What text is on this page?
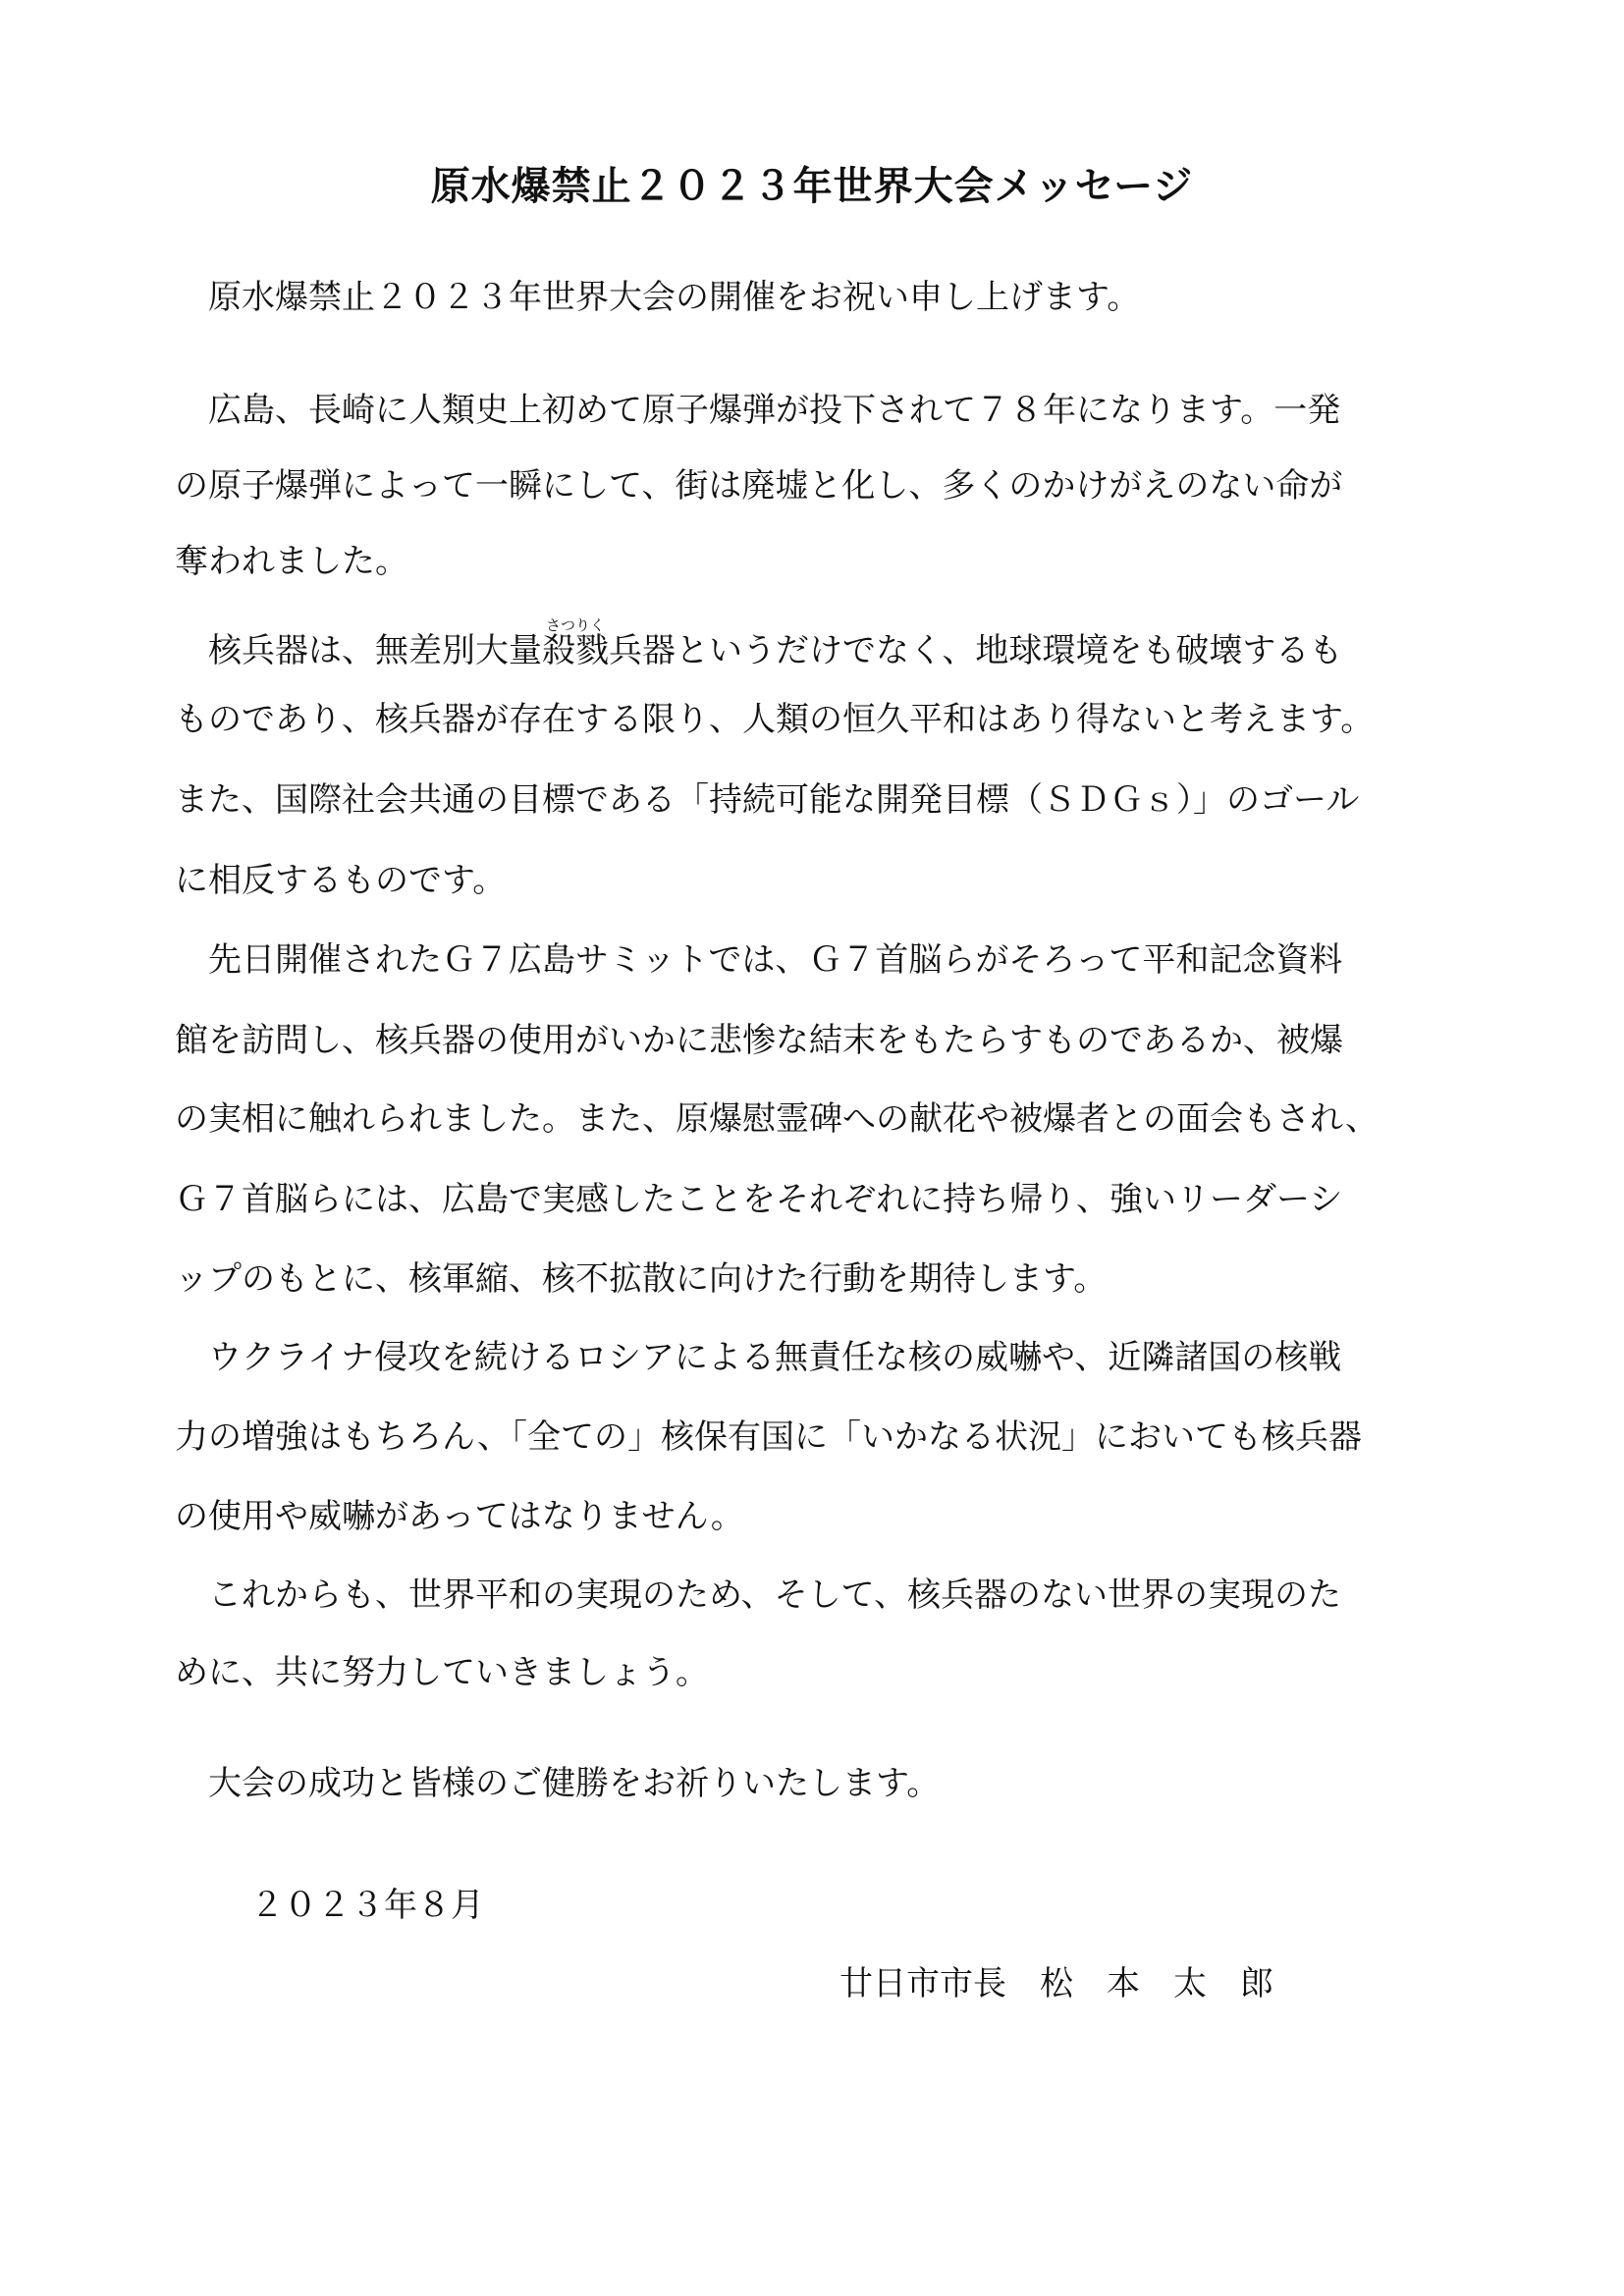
原水爆禁止２０２３年世界大会メッセージ
　原水爆禁止２０２３年世界大会の開催をお祝い申し上げます。
　広島、長崎に人類史上初めて原子爆弾が投下されて７８年になります。一発
の原子爆弾によって一瞬にして、街は廃墟と化し、多くのかけがえのない命が
奪われました。
　核兵器は、無差別大量殺戮さつりく兵器というだけでなく、地球環境をも破壊するも
ものであり、核兵器が存在する限り、人類の恒久平和はあり得ないと考えます。
また、国際社会共通の目標である「持続可能な開発目標（ＳＤＧｓ）」のゴール
に相反するものです。
　先日開催されたＧ７広島サミットでは、Ｇ７首脳らがそろって平和記念資料
館を訪問し、核兵器の使用がいかに悲惨な結末をもたらすものであるか、被爆
の実相に触れられました。また、原爆慰霊碑への献花や被爆者との面会もされ、
Ｇ７首脳らには、広島で実感したことをそれぞれに持ち帰り、強いリーダーシ
ップのもとに、核軍縮、核不拡散に向けた行動を期待します。
　ウクライナ侵攻を続けるロシアによる無責任な核の威嚇や、近隣諸国の核戦
力の増強はもちろん、「全ての」核保有国に「いかなる状況」においても核兵器
の使用や威嚇があってはなりません。
　これからも、世界平和の実現のため、そして、核兵器のない世界の実現のた
めに、共に努力していきましょう。
　大会の成功と皆様のご健勝をお祈りいたします。
２０２３年８月
廿日市市長　松　本　太　郎
